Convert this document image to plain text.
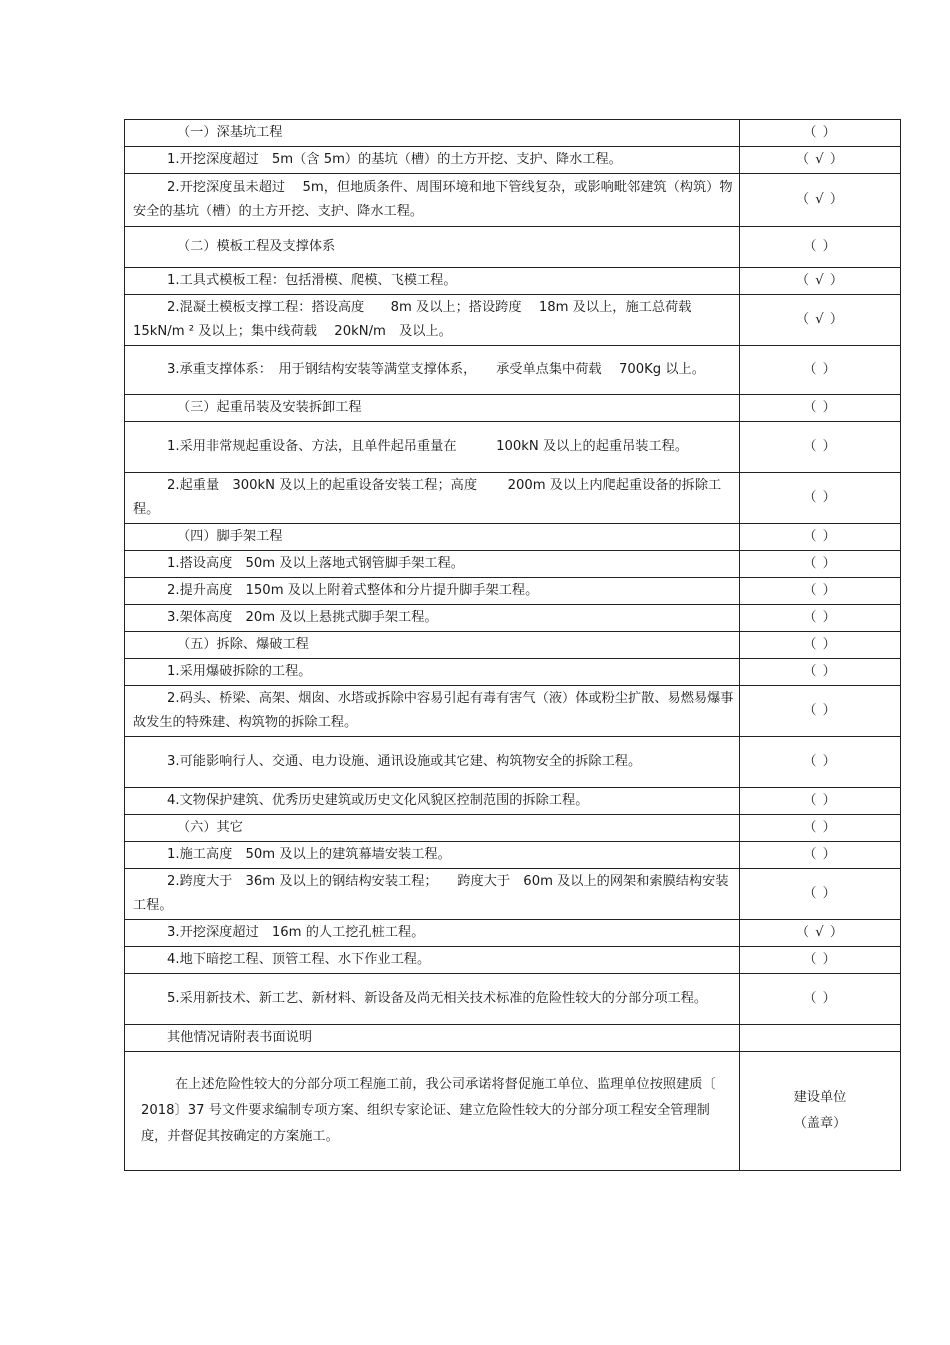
（一）深基坑工程	（ ）

1.开挖深度超过　5m（含 5m）的基坑（槽）的土方开挖、支护、降水工程。	（ √ ）

2.开挖深度虽未超过　 5m，但地质条件、周围环境和地下管线复杂，或影响毗邻建筑（构筑）物安全的基坑（槽）的土方开挖、支护、降水工程。	（ √ ）

（二）模板工程及支撑体系	（ ）

1.工具式模板工程：包括滑模、爬模、飞模工程。	（ √ ）

2.混凝土模板支撑工程：搭设高度　　8m 及以上；搭设跨度　 18m 及以上，施工总荷载　15kN/m ² 及以上；集中线荷载　 20kN/m　及以上。	（ √ ）

3.承重支撑体系：　用于钢结构安装等满堂支撑体系，　　承受单点集中荷载　 700Kg 以上。	（ ）

（三）起重吊装及安装拆卸工程	（ ）

1.采用非常规起重设备、方法，且单件起吊重量在　　　100kN 及以上的起重吊装工程。	（ ）

2.起重量　300kN 及以上的起重设备安装工程；高度　　 200m 及以上内爬起重设备的拆除工程。	（ ）

（四）脚手架工程	（ ）

1.搭设高度　50m 及以上落地式钢管脚手架工程。	（ ）

2.提升高度　150m 及以上附着式整体和分片提升脚手架工程。	（ ）

3.架体高度　20m 及以上悬挑式脚手架工程。	（ ）

（五）拆除、爆破工程	（ ）

1.采用爆破拆除的工程。	（ ）

2.码头、桥梁、高架、烟囱、水塔或拆除中容易引起有毒有害气（液）体或粉尘扩散、易燃易爆事故发生的特殊建、构筑物的拆除工程。	（ ）

3.可能影响行人、交通、电力设施、通讯设施或其它建、构筑物安全的拆除工程。	（ ）

4.文物保护建筑、优秀历史建筑或历史文化风貌区控制范围的拆除工程。	（ ）

（六）其它	（ ）

1.施工高度　50m 及以上的建筑幕墙安装工程。	（ ）

2.跨度大于　36m 及以上的钢结构安装工程；　　跨度大于　60m 及以上的网架和索膜结构安装工程。	（ ）

3.开挖深度超过　16m 的人工挖孔桩工程。	（ √ ）

4.地下暗挖工程、顶管工程、水下作业工程。	（ ）

5.采用新技术、新工艺、新材料、新设备及尚无相关技术标准的危险性较大的分部分项工程。	（ ）

其他情况请附表书面说明	

在上述危险性较大的分部分项工程施工前，我公司承诺将督促施工单位、监理单位按照建质〔　2018〕37 号文件要求编制专项方案、组织专家论证、建立危险性较大的分部分项工程安全管理制度，并督促其按确定的方案施工。	建设单位
（盖章）
